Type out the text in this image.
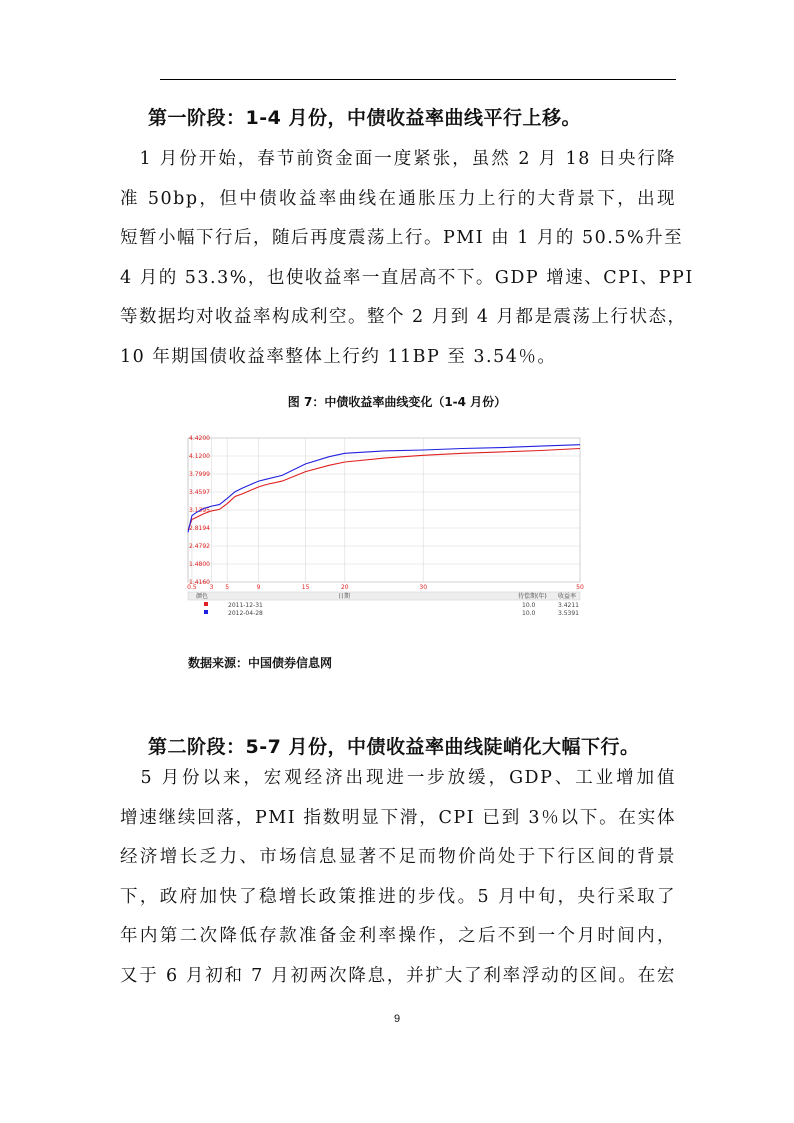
第一阶段：1-4 月份，中债收益率曲线平行上移。
　1 月份开始，春节前资金面一度紧张，虽然 2 月 18 日央行降
准 50bp，但中债收益率曲线在通胀压力上行的大背景下，出现
短暂小幅下行后，随后再度震荡上行。PMI 由 1 月的 50.5%升至
4 月的 53.3%，也使收益率一直居高不下。GDP 增速、CPI、PPI
等数据均对收益率构成利空。整个 2 月到 4 月都是震荡上行状态，
10 年期国债收益率整体上行约 11BP 至 3.54％。
图 7：中债收益率曲线变化（1-4 月份）
1.4160
1.4800
2.4792
2.8194
3.1395
3.4597
3.7999
4.1200
4.4200
0.5 3 5	9	15	20	30	50
颜色	日期	待偿期(年) 收益率
2011-12-31	10.0	3.4211
2012-04-28	10.0	3.5391
数据来源：中国债券信息网
第二阶段：5-7 月份，中债收益率曲线陡峭化大幅下行。
　5 月份以来，宏观经济出现进一步放缓，GDP、工业增加值
增速继续回落，PMI 指数明显下滑，CPI 已到 3％以下。在实体
经济增长乏力、市场信息显著不足而物价尚处于下行区间的背景
下，政府加快了稳增长政策推进的步伐。5 月中旬，央行采取了
年内第二次降低存款准备金利率操作，之后不到一个月时间内，
又于 6 月初和 7 月初两次降息，并扩大了利率浮动的区间。在宏
9
